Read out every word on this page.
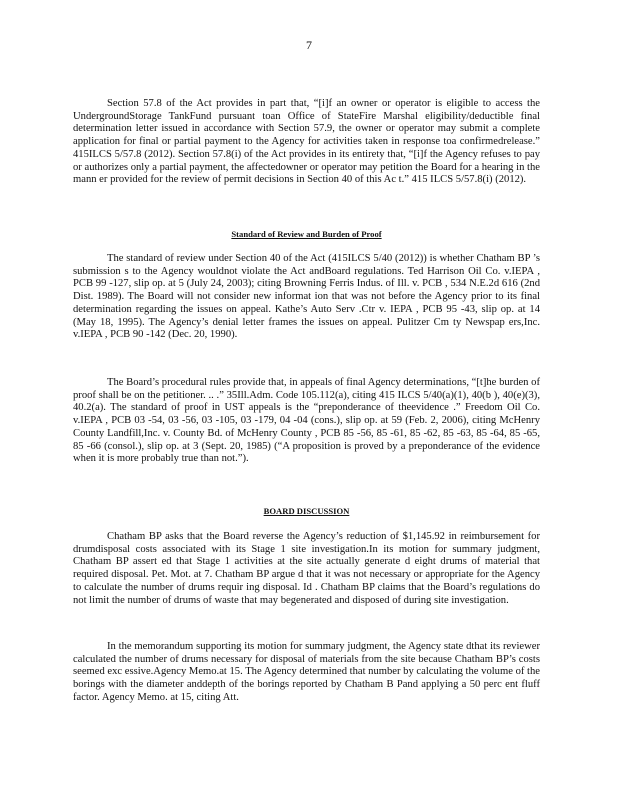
7

Section 57.8 of the Act provides in part that, “[i]f an owner or operator is eligible to access the UndergroundStorage TankFund pursuant toan Office of StateFire Marshal eligibility/deductible final determination letter issued in accordance with Section 57.9, the owner or operator may submit a complete application for final or partial payment to the Agency for activities taken in response toa confirmedrelease.” 415ILCS 5/57.8 (2012). Section 57.8(i) of the Act provides in its entirety that, “[i]f the Agency refuses to pay or authorizes only a partial payment, the affectedowner or operator may petition the Board for a hearing in the mann er provided for the review of permit decisions in Section 40 of this Ac t.” 415 ILCS 5/57.8(i) (2012).

Standard of Review and Burden of Proof

The standard of review under Section 40 of the Act (415ILCS 5/40 (2012)) is whether Chatham BP ’s submission s to the Agency wouldnot violate the Act andBoard regulations. Ted Harrison Oil Co. v.IEPA , PCB 99 -127, slip op. at 5 (July 24, 2003); citing Browning Ferris Indus. of Ill. v. PCB , 534 N.E.2d 616 (2nd Dist. 1989). The Board will not consider new informat ion that was not before the Agency prior to its final determination regarding the issues on appeal. Kathe’s Auto Serv .Ctr v. IEPA , PCB 95 -43, slip op. at 14 (May 18, 1995). The Agency’s denial letter frames the issues on appeal. Pulitzer Cm ty Newspap ers,Inc. v.IEPA , PCB 90 -142 (Dec. 20, 1990).

The Board’s procedural rules provide that, in appeals of final Agency determinations, “[t]he burden of proof shall be on the petitioner. .. .” 35Ill.Adm. Code 105.112(a), citing 415 ILCS 5/40(a)(1), 40(b ), 40(e)(3), 40.2(a). The standard of proof in UST appeals is the “preponderance of theevidence .” Freedom Oil Co. v.IEPA , PCB 03 -54, 03 -56, 03 -105, 03 -179, 04 -04 (cons.), slip op. at 59 (Feb. 2, 2006), citing McHenry County Landfill,Inc. v. County Bd. of McHenry County , PCB 85 -56, 85 -61, 85 -62, 85 -63, 85 -64, 85 -65, 85 -66 (consol.), slip op. at 3 (Sept. 20, 1985) (“A proposition is proved by a preponderance of the evidence when it is more probably true than not.”).

BOARD DISCUSSION

Chatham BP asks that the Board reverse the Agency’s reduction of $1,145.92 in reimbursement for drumdisposal costs associated with its Stage 1 site investigation.In its motion for summary judgment, Chatham BP assert ed that Stage 1 activities at the site actually generate d eight drums of material that required disposal. Pet. Mot. at 7. Chatham BP argue d that it was not necessary or appropriate for the Agency to calculate the number of drums requir ing disposal. Id . Chatham BP claims that the Board’s regulations do not limit the number of drums of waste that may begenerated and disposed of during site investigation.

In the memorandum supporting its motion for summary judgment, the Agency state dthat its reviewer calculated the number of drums necessary for disposal of materials from the site because Chatham BP’s costs seemed exc essive.Agency Memo.at 15. The Agency determined that number by calculating the volume of the borings with the diameter anddepth of the borings reported by Chatham B Pand applying a 50 perc ent fluff factor. Agency Memo. at 15, citing Att.
